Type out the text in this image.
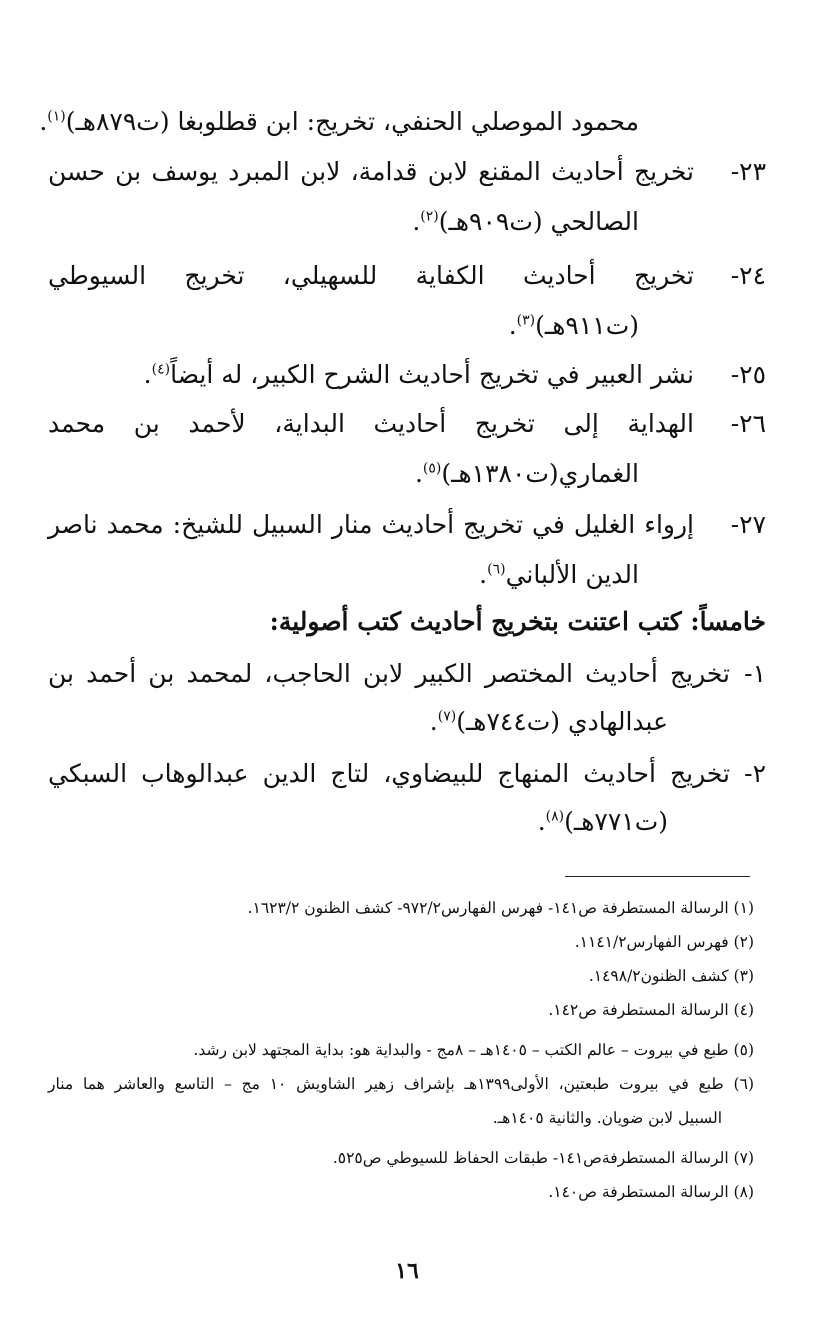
محمود الموصلي الحنفي، تخريج: ابن قطلوبغا (ت٨٧٩هـ)$^{(١)}$.
٢٣-تخريج أحاديث المقنع لابن قدامة، لابن المبرد يوسف بن حسن
الصالحي (ت٩٠٩هـ)$^{(٢)}$.
٢٤-تخريج أحاديث الكفاية للسهيلي، تخريج السيوطي
(ت٩١١هـ)$^{(٣)}$.
٢٥-نشر العبير في تخريج أحاديث الشرح الكبير، له أيضاً$^{(٤)}$.
٢٦-الهداية إلى تخريج أحاديث البداية، لأحمد بن محمد
الغماري(ت١٣٨٠هـ)$^{(٥)}$.
٢٧-إرواء الغليل في تخريج أحاديث منار السبيل للشيخ: محمد ناصر
الدين الألباني$^{(٦)}$.
خامساً: كتب اعتنت بتخريج أحاديث كتب أصولية:
١-تخريج أحاديث المختصر الكبير لابن الحاجب، لمحمد بن أحمد بن
عبدالهادي (ت٧٤٤هـ)$^{(٧)}$.
٢-تخريج أحاديث المنهاج للبيضاوي، لتاج الدين عبدالوهاب السبكي
(ت٧٧١هـ)$^{(٨)}$.
(١) الرسالة المستطرفة ص١٤١- فهرس الفهارس٩٧٢/٢- كشف الظنون ١٦٢٣/٢.
(٢) فهرس الفهارس١١٤١/٢.
(٣) كشف الظنون١٤٩٨/٢.
(٤) الرسالة المستطرفة ص١٤٢.
(٥) طبع في بيروت – عالم الكتب – ١٤٠٥هـ – ٨مج - والبداية هو: بداية المجتهد لابن رشد.
(٦) طبع في بيروت طبعتين، الأولى١٣٩٩هـ بإشراف زهير الشاويش ١٠ مج – التاسع والعاشر هما منار
السبيل لابن ضويان. والثانية ١٤٠٥هـ.
(٧) الرسالة المستطرفةص١٤١- طبقات الحفاظ للسيوطي ص٥٢٥.
(٨) الرسالة المستطرفة ص١٤٠.
١٦
